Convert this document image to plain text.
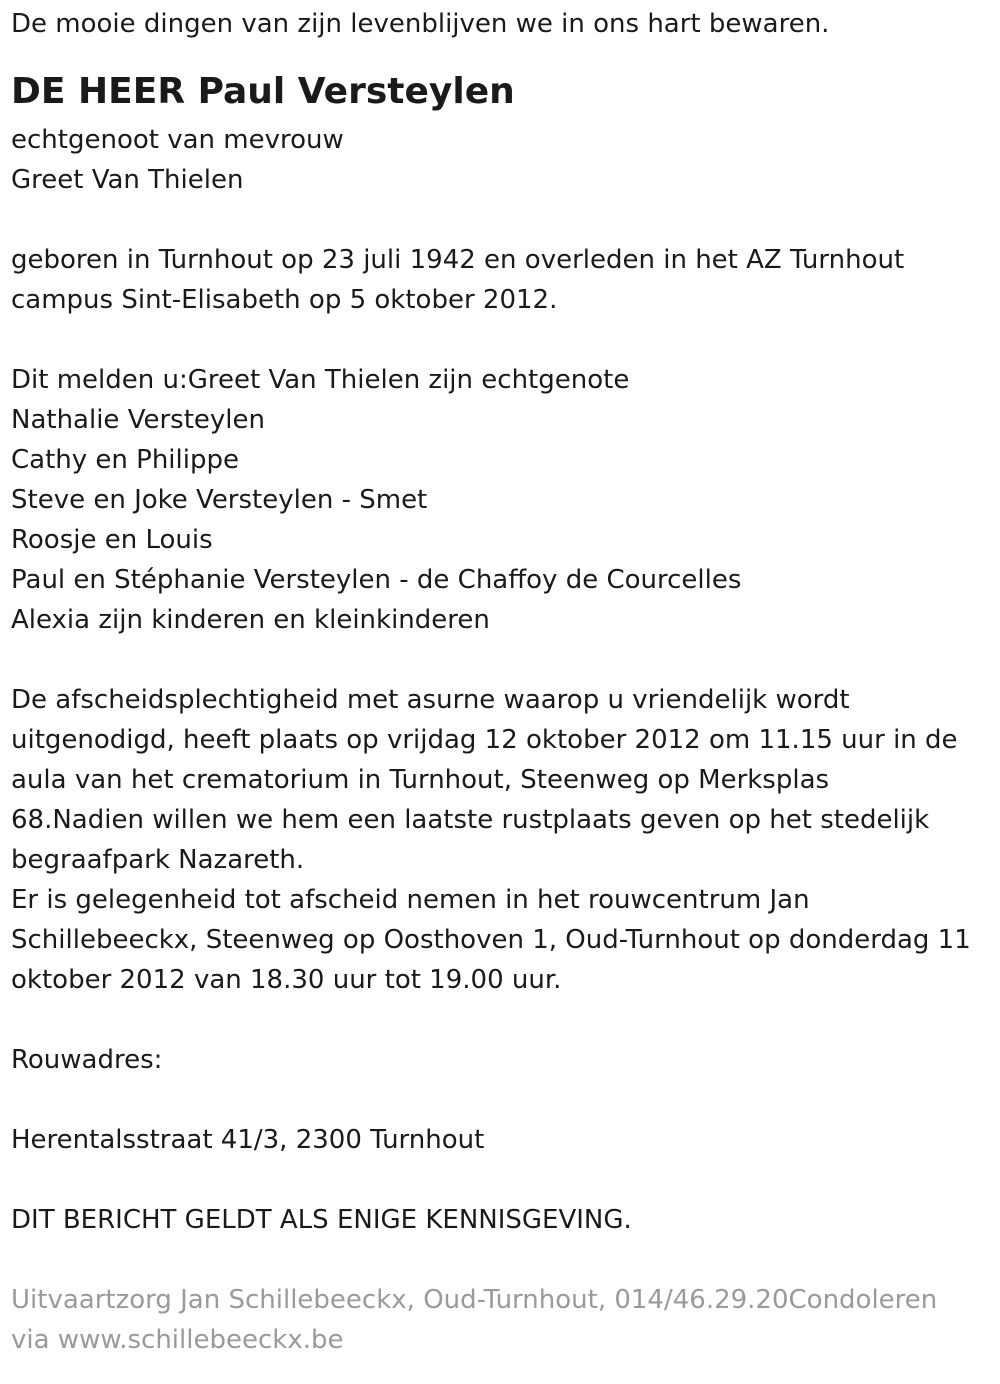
De mooie dingen van zijn levenblijven we in ons hart bewaren.
DE HEER Paul Versteylen
echtgenoot van mevrouw
Greet Van Thielen
geboren in Turnhout op 23 juli 1942 en overleden in het AZ Turnhout
campus Sint-Elisabeth op 5 oktober 2012.
Dit melden u:Greet Van Thielen zijn echtgenote
Nathalie Versteylen
Cathy en Philippe
Steve en Joke Versteylen - Smet
Roosje en Louis
Paul en Stéphanie Versteylen - de Chaffoy de Courcelles
Alexia zijn kinderen en kleinkinderen
De afscheidsplechtigheid met asurne waarop u vriendelijk wordt
uitgenodigd, heeft plaats op vrijdag 12 oktober 2012 om 11.15 uur in de
aula van het crematorium in Turnhout, Steenweg op Merksplas
68.Nadien willen we hem een laatste rustplaats geven op het stedelijk
begraafpark Nazareth.
Er is gelegenheid tot afscheid nemen in het rouwcentrum Jan
Schillebeeckx, Steenweg op Oosthoven 1, Oud-Turnhout op donderdag 11
oktober 2012 van 18.30 uur tot 19.00 uur.
Rouwadres:
Herentalsstraat 41/3, 2300 Turnhout
DIT BERICHT GELDT ALS ENIGE KENNISGEVING.
Uitvaartzorg Jan Schillebeeckx, Oud-Turnhout, 014/46.29.20Condoleren
via www.schillebeeckx.be
